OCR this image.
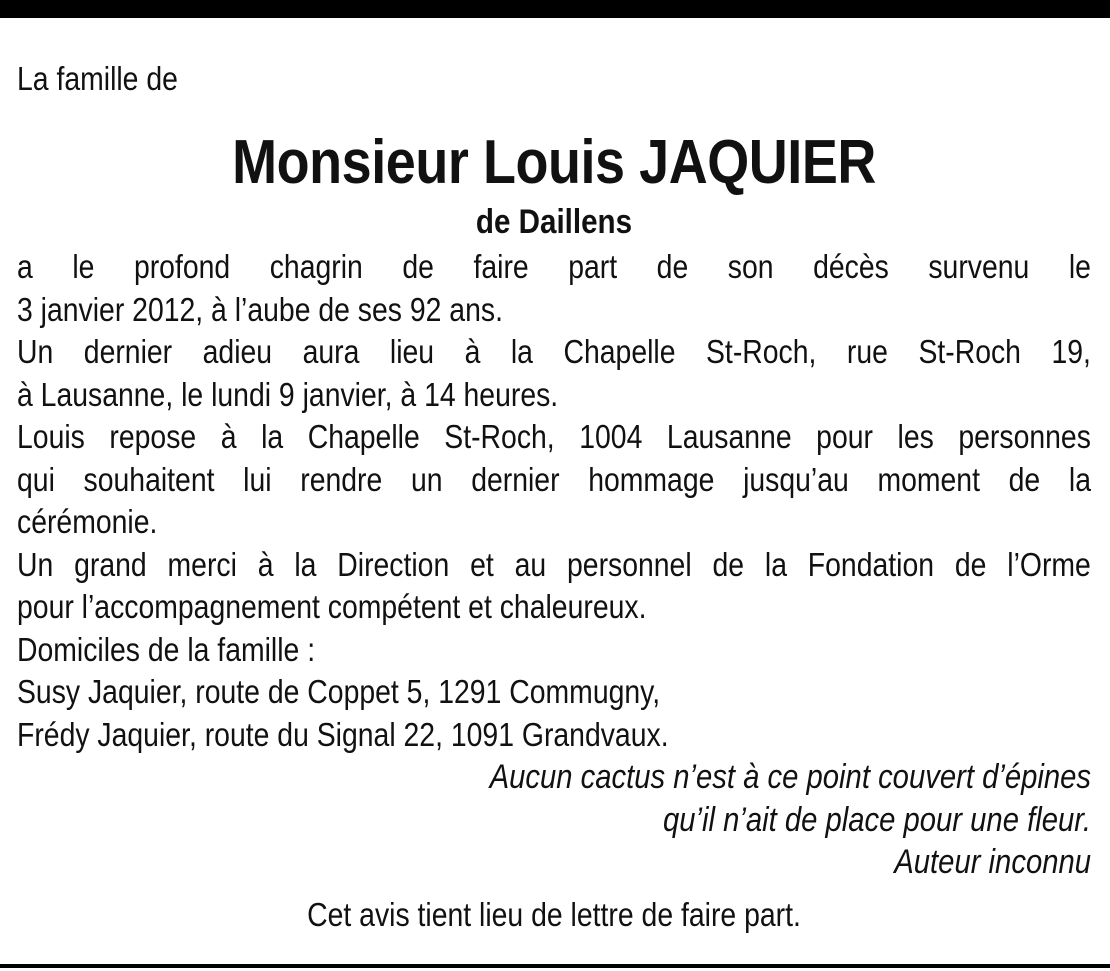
La famille de

Monsieur Louis JAQUIER

de Daillens

a le profond chagrin de faire part de son décès survenu le
3 janvier 2012, à l’aube de ses 92 ans.
Un dernier adieu aura lieu à la Chapelle St-Roch, rue St-Roch 19,
à Lausanne, le lundi 9 janvier, à 14 heures.
Louis repose à la Chapelle St-Roch, 1004 Lausanne pour les personnes
qui souhaitent lui rendre un dernier hommage jusqu’au moment de la
cérémonie.
Un grand merci à la Direction et au personnel de la Fondation de l’Orme
pour l’accompagnement compétent et chaleureux.
Domiciles de la famille :
Susy Jaquier, route de Coppet 5, 1291 Commugny,
Frédy Jaquier, route du Signal 22, 1091 Grandvaux.
Aucun cactus n’est à ce point couvert d’épines
qu’il n’ait de place pour une fleur.
Auteur inconnu
Cet avis tient lieu de lettre de faire part.
